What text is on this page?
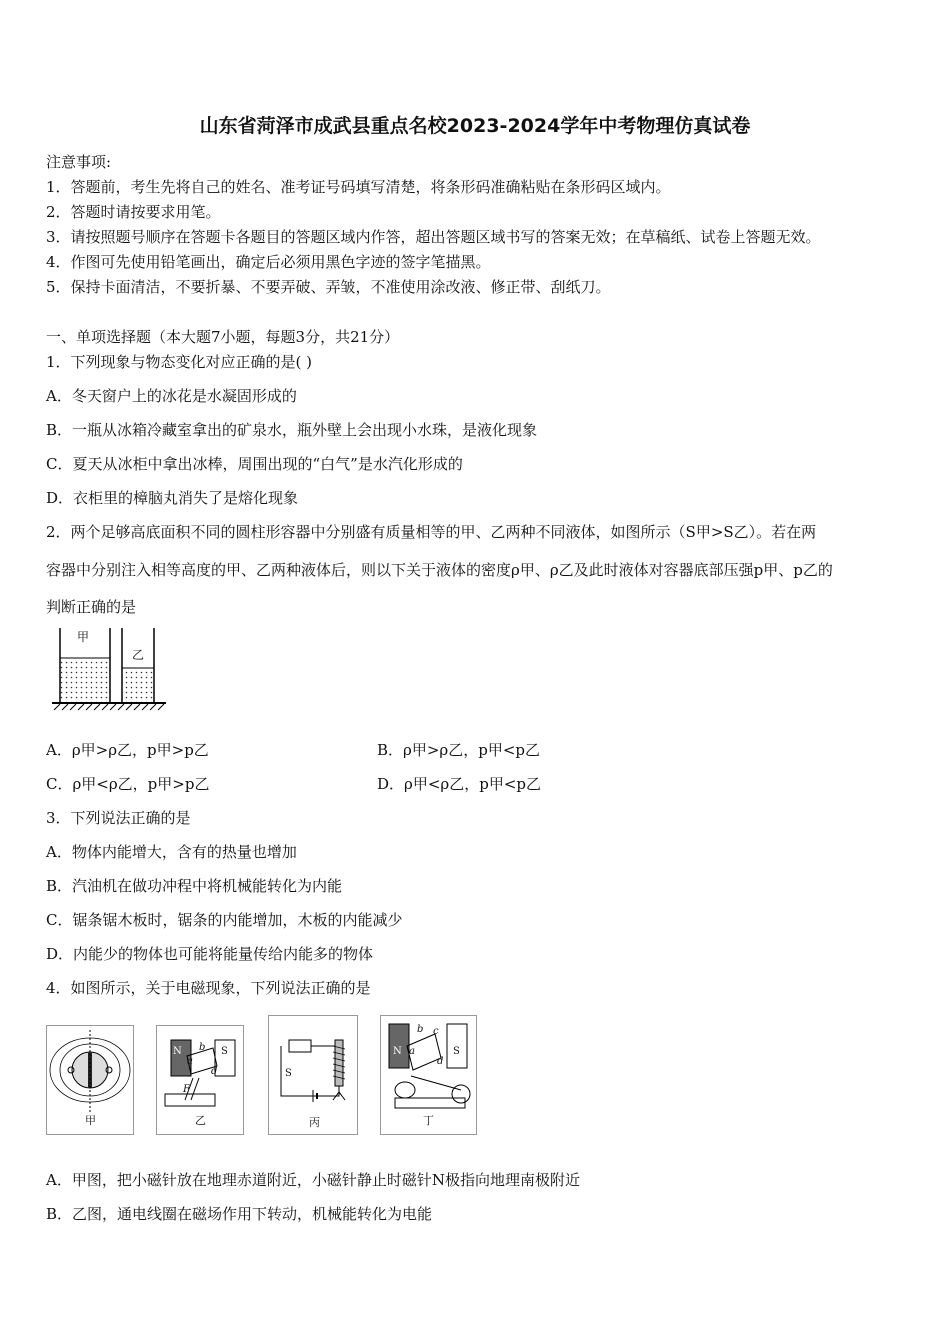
山东省菏泽市成武县重点名校2023-2024学年中考物理仿真试卷
注意事项:
1．答题前，考生先将自己的姓名、准考证号码填写清楚，将条形码准确粘贴在条形码区域内。
2．答题时请按要求用笔。
3．请按照题号顺序在答题卡各题目的答题区域内作答，超出答题区域书写的答案无效；在草稿纸、试卷上答题无效。
4．作图可先使用铅笔画出，确定后必须用黑色字迹的签字笔描黑。
5．保持卡面清洁，不要折暴、不要弄破、弄皱，不准使用涂改液、修正带、刮纸刀。
一、单项选择题（本大题7小题，每题3分，共21分）
1．下列现象与物态变化对应正确的是( )
A．冬天窗户上的冰花是水凝固形成的
B．一瓶从冰箱冷藏室拿出的矿泉水，瓶外壁上会出现小水珠，是液化现象
C．夏天从冰柜中拿出冰棒，周围出现的“白气”是水汽化形成的
D．衣柜里的樟脑丸消失了是熔化现象
2．两个足够高底面积不同的圆柱形容器中分别盛有质量相等的甲、乙两种不同液体，如图所示（S甲>S乙）。若在两
容器中分别注入相等高度的甲、乙两种液体后，则以下关于液体的密度ρ甲、ρ乙及此时液体对容器底部压强p甲、p乙的
判断正确的是
甲
乙
A．ρ甲>ρ乙，p甲>p乙	B．ρ甲>ρ乙，p甲<p乙
C．ρ甲<ρ乙，p甲>p乙	D．ρ甲<ρ乙，p甲<p乙
3．下列说法正确的是
A．物体内能增大，含有的热量也增加
B．汽油机在做功冲程中将机械能转化为内能
C．锯条锯木板时，锯条的内能增加，木板的内能减少
D．内能少的物体也可能将能量传给内能多的物体
4．如图所示，关于电磁现象，下列说法正确的是
甲
N	S
b
a
d
F
乙
S
丙
N	S
b c
a
d
丁
A．甲图，把小磁针放在地理赤道附近，小磁针静止时磁针N极指向地理南极附近
B．乙图，通电线圈在磁场作用下转动，机械能转化为电能
